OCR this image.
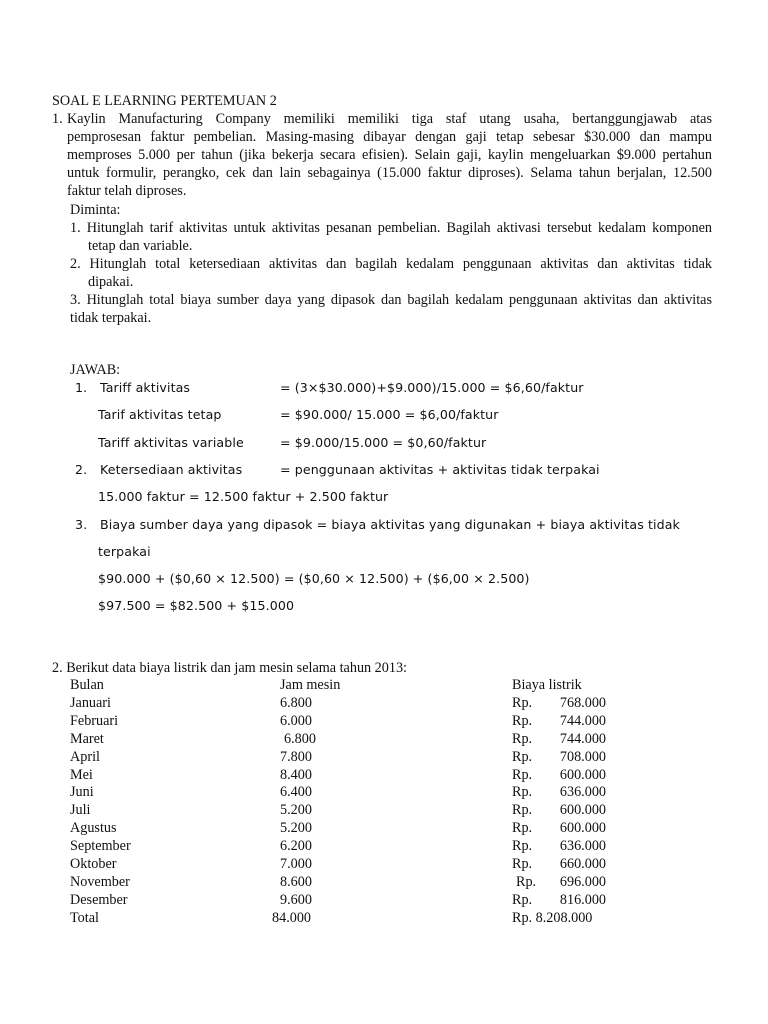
SOAL E LEARNING PERTEMUAN 2
1. Kaylin Manufacturing Company memiliki memiliki tiga staf utang usaha, bertanggungjawab atas

pemprosesan faktur pembelian. Masing-masing dibayar dengan gaji tetap sebesar $30.000 dan mampu

memproses 5.000 per tahun (jika bekerja secara efisien). Selain gaji, kaylin mengeluarkan $9.000 pertahun

untuk formulir, perangko, cek dan lain sebagainya (15.000 faktur diproses). Selama tahun berjalan, 12.500

faktur telah diproses.

Diminta:

1. Hitunglah tarif aktivitas untuk aktivitas pesanan pembelian. Bagilah aktivasi tersebut kedalam komponen

tetap dan variable.

2. Hitunglah total ketersediaan aktivitas dan bagilah kedalam penggunaan aktivitas dan aktivitas tidak

dipakai.

3. Hitunglah total biaya sumber daya yang dipasok dan bagilah kedalam penggunaan aktivitas dan aktivitas

tidak terpakai.

JAWAB:
1. Tariff aktivitas	= (3×$30.000)+$9.000)/15.000 = $6,60/faktur
Tarif aktivitas tetap	= $90.000/ 15.000 = $6,00/faktur
Tariff aktivitas variable	= $9.000/15.000 = $0,60/faktur
2. Ketersediaan aktivitas	= penggunaan aktivitas + aktivitas tidak terpakai
15.000 faktur = 12.500 faktur + 2.500 faktur
3. Biaya sumber daya yang dipasok = biaya aktivitas yang digunakan + biaya aktivitas tidak
terpakai
$90.000 + ($0,60 × 12.500) = ($0,60 × 12.500) + ($6,00 × 2.500)
$97.500 = $82.500 + $15.000
2. Berikut data biaya listrik dan jam mesin selama tahun 2013:
Bulan	Jam mesin	Biaya listrik
Januari	6.800	Rp. 768.000
Februari	6.000	Rp. 744.000
Maret	6.800	Rp. 744.000
April	7.800	Rp. 708.000
Mei	8.400	Rp. 600.000
Juni	6.400	Rp. 636.000
Juli	5.200	Rp. 600.000
Agustus	5.200	Rp. 600.000
September	6.200	Rp. 636.000
Oktober	7.000	Rp. 660.000
November	8.600	Rp. 696.000
Desember	9.600	Rp. 816.000
Total	84.000	Rp. 8.208.000
